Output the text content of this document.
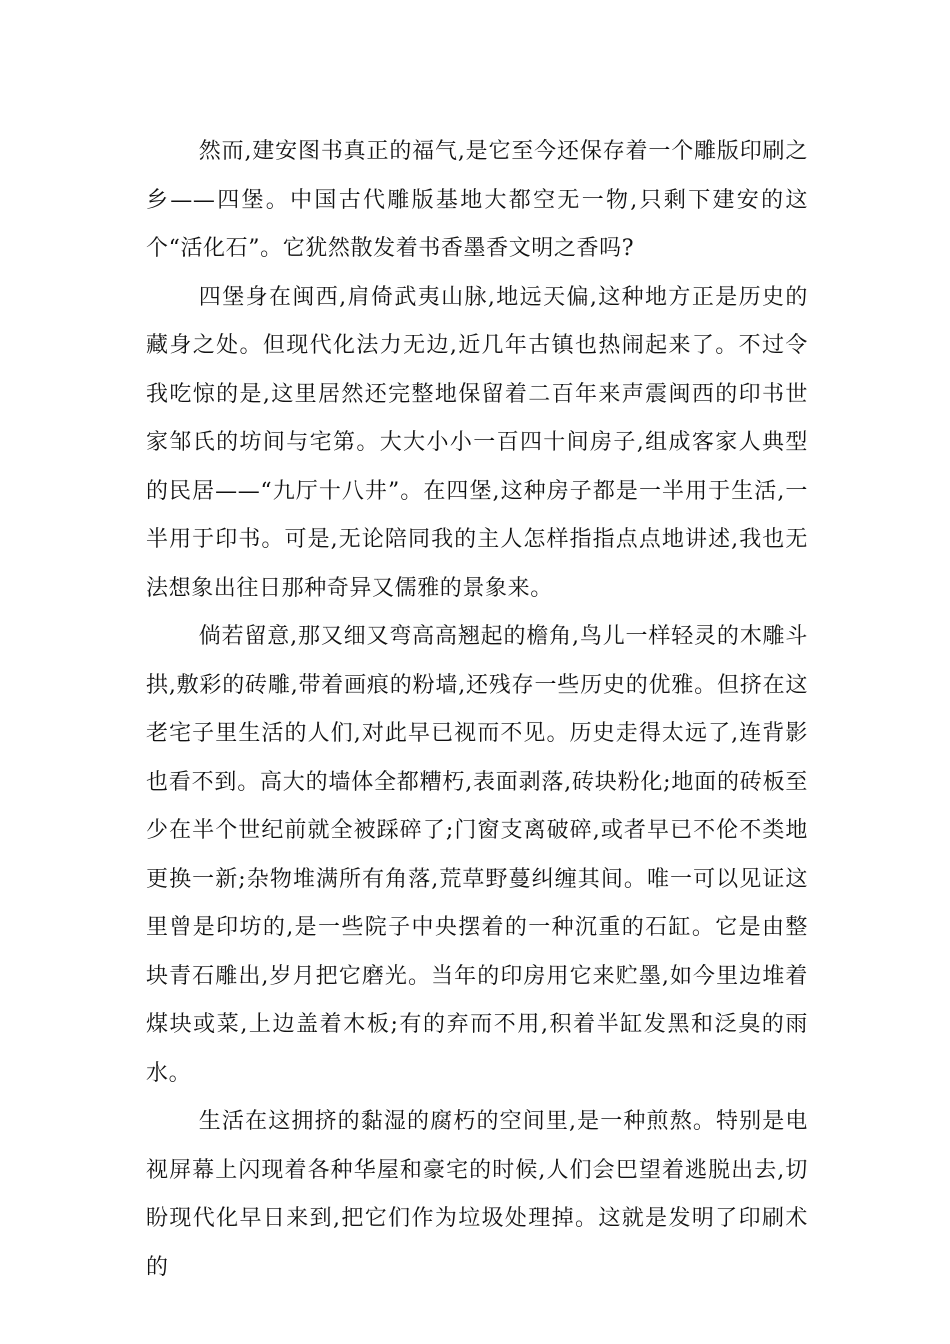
然而,建安图书真正的福气,是它至今还保存着一个雕版印刷之乡——四堡。中国古代雕版基地大都空无一物,只剩下建安的这个“活化石”。它犹然散发着书香墨香文明之香吗?

四堡身在闽西,肩倚武夷山脉,地远天偏,这种地方正是历史的藏身之处。但现代化法力无边,近几年古镇也热闹起来了。不过令我吃惊的是,这里居然还完整地保留着二百年来声震闽西的印书世家邹氏的坊间与宅第。大大小小一百四十间房子,组成客家人典型的民居——“九厅十八井”。在四堡,这种房子都是一半用于生活,一半用于印书。可是,无论陪同我的主人怎样指指点点地讲述,我也无法想象出往日那种奇异又儒雅的景象来。

倘若留意,那又细又弯高高翘起的檐角,鸟儿一样轻灵的木雕斗拱,敷彩的砖雕,带着画痕的粉墙,还残存一些历史的优雅。但挤在这老宅子里生活的人们,对此早已视而不见。历史走得太远了,连背影也看不到。高大的墙体全都糟朽,表面剥落,砖块粉化;地面的砖板至少在半个世纪前就全被踩碎了;门窗支离破碎,或者早已不伦不类地更换一新;杂物堆满所有角落,荒草野蔓纠缠其间。唯一可以见证这里曾是印坊的,是一些院子中央摆着的一种沉重的石缸。它是由整块青石雕出,岁月把它磨光。当年的印房用它来贮墨,如今里边堆着煤块或菜,上边盖着木板;有的弃而不用,积着半缸发黑和泛臭的雨水。

生活在这拥挤的黏湿的腐朽的空间里,是一种煎熬。特别是电视屏幕上闪现着各种华屋和豪宅的时候,人们会巴望着逃脱出去,切盼现代化早日来到,把它们作为垃圾处理掉。这就是发明了印刷术的
